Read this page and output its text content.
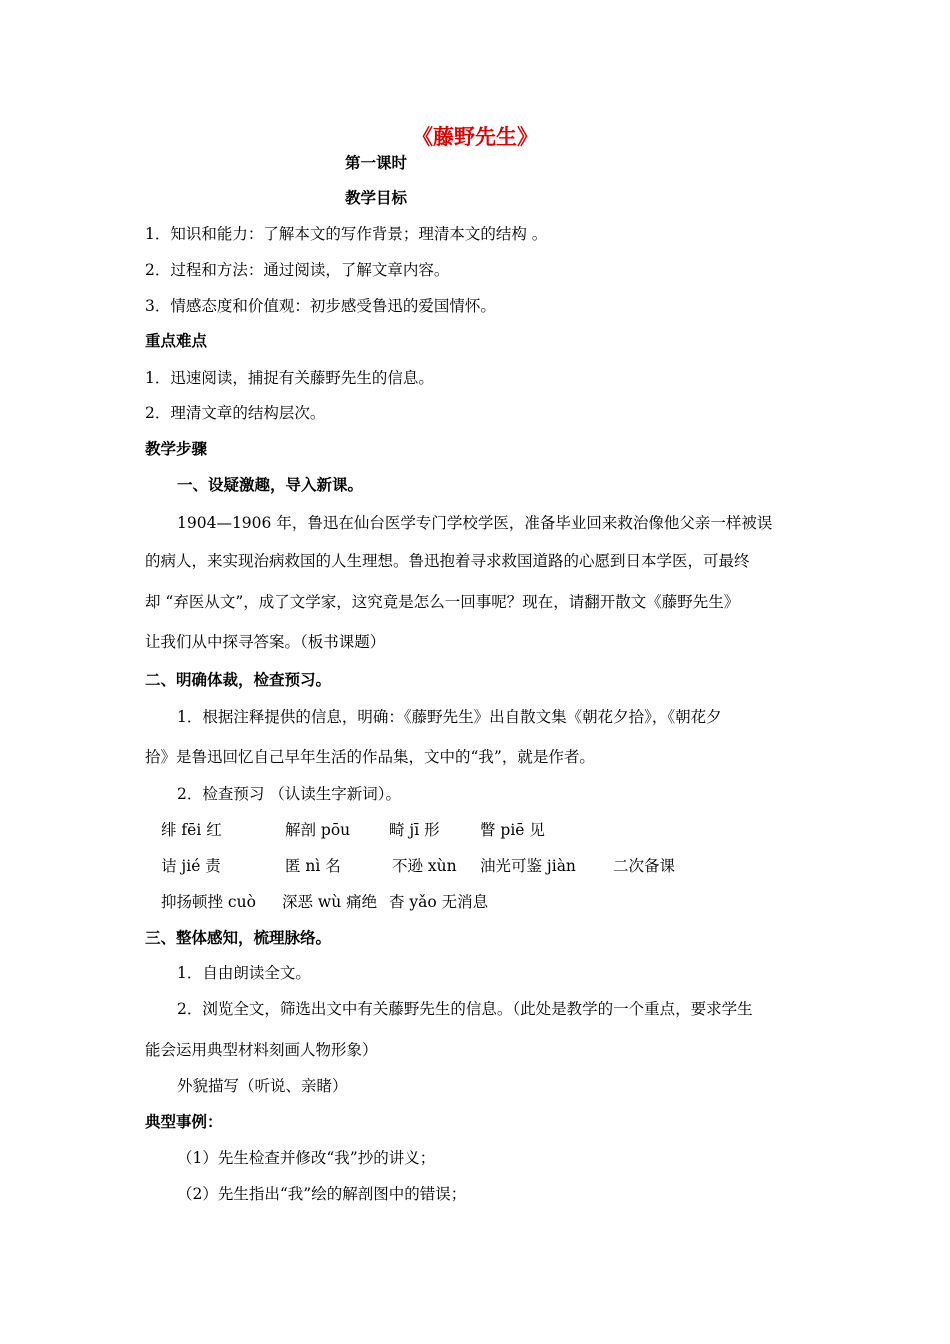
《藤野先生》
第一课时
教学目标
1．知识和能力：了解本文的写作背景；理清本文的结构 。
2．过程和方法：通过阅读，了解文章内容。
3．情感态度和价值观：初步感受鲁迅的爱国情怀。
重点难点
1．迅速阅读，捕捉有关藤野先生的信息。
2．理清文章的结构层次。
教学步骤
一、设疑激趣，导入新课。
1904—1906 年，鲁迅在仙台医学专门学校学医，准备毕业回来救治像他父亲一样被误
的病人，来实现治病救国的人生理想。鲁迅抱着寻求救国道路的心愿到日本学医，可最终
却 “弃医从文”，成了文学家，这究竟是怎么一回事呢？现在，请翻开散文《藤野先生》
让我们从中探寻答案。（板书课题）
二、明确体裁，检查预习。
1．根据注释提供的信息，明确：《藤野先生》出自散文集《朝花夕拾》，《朝花夕
拾》是鲁迅回忆自己早年生活的作品集，文中的“我”，就是作者。
2．检查预习 （认读生字新词）。
绯 fēi 红	解剖 pōu	畸 jī 形	瞥 piē 见
诘 jié 责	匿 nì 名	不逊 xùn 油光可鉴 jiàn 二次备课
抑扬顿挫 cuò 深恶 wù 痛绝 杳 yǎo 无消息
三、整体感知，梳理脉络。
1．自由朗读全文。
2．浏览全文，筛选出文中有关藤野先生的信息。（此处是教学的一个重点，要求学生
能会运用典型材料刻画人物形象）
外貌描写（听说、亲睹）
典型事例：
（1）先生检查并修改“我”抄的讲义；
（2）先生指出“我”绘的解剖图中的错误；
